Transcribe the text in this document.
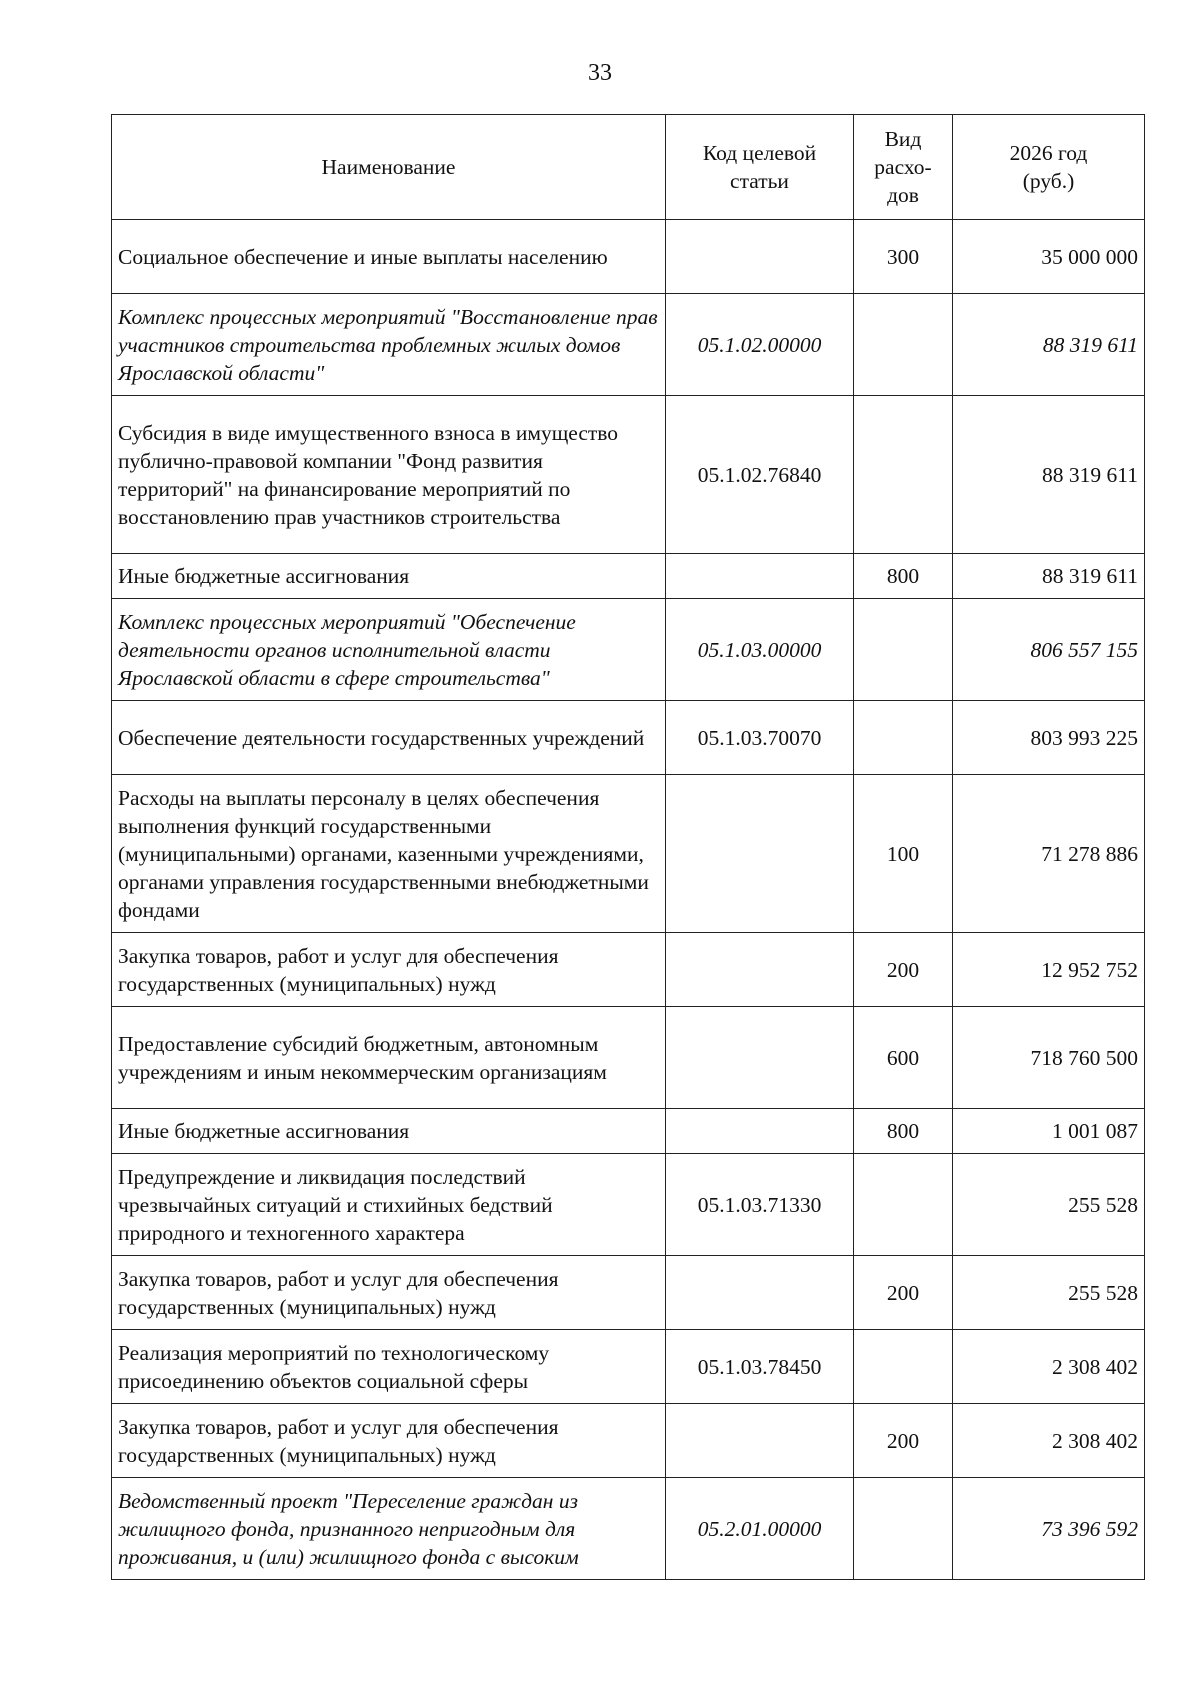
33
Наименование	Код целевой статьи	Вид расхо-дов	2026 год (руб.)
Социальное обеспечение и иные выплаты населению		300	35 000 000
Комплекс процессных мероприятий "Восстановление прав участников строительства проблемных жилых домов Ярославской области"	05.1.02.00000		88 319 611
Субсидия в виде имущественного взноса в имущество публично-правовой компании "Фонд развития территорий" на финансирование мероприятий по восстановлению прав участников строительства	05.1.02.76840		88 319 611
Иные бюджетные ассигнования		800	88 319 611
Комплекс процессных мероприятий "Обеспечение деятельности органов исполнительной власти Ярославской области в сфере строительства"	05.1.03.00000		806 557 155
Обеспечение деятельности государственных учреждений	05.1.03.70070		803 993 225
Расходы на выплаты персоналу в целях обеспечения выполнения функций государственными (муниципальными) органами, казенными учреждениями, органами управления государственными внебюджетными фондами		100	71 278 886
Закупка товаров, работ и услуг для обеспечения государственных (муниципальных) нужд		200	12 952 752
Предоставление субсидий бюджетным, автономным учреждениям и иным некоммерческим организациям		600	718 760 500
Иные бюджетные ассигнования		800	1 001 087
Предупреждение и ликвидация последствий чрезвычайных ситуаций и стихийных бедствий природного и техногенного характера	05.1.03.71330		255 528
Закупка товаров, работ и услуг для обеспечения государственных (муниципальных) нужд		200	255 528
Реализация мероприятий по технологическому присоединению объектов социальной сферы	05.1.03.78450		2 308 402
Закупка товаров, работ и услуг для обеспечения государственных (муниципальных) нужд		200	2 308 402
Ведомственный проект "Переселение граждан из жилищного фонда, признанного непригодным для проживания, и (или) жилищного фонда с высоким	05.2.01.00000		73 396 592
